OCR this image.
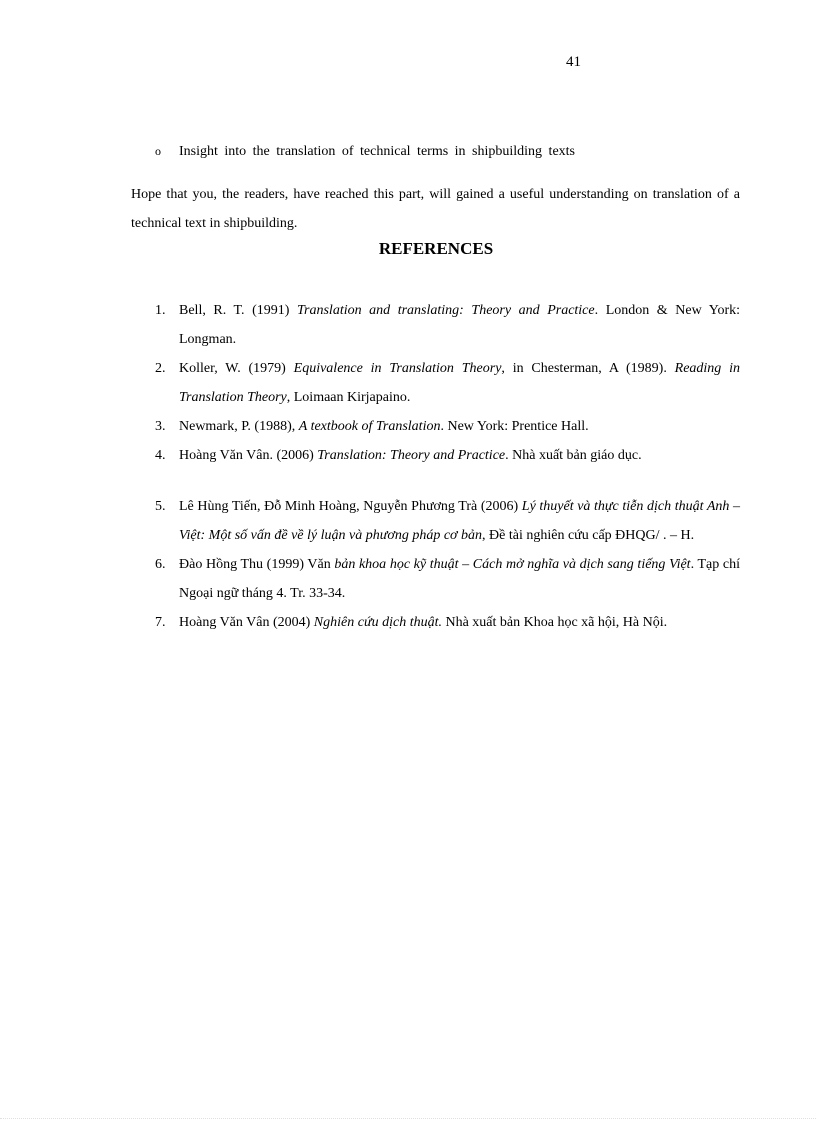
41
o Insight into the translation of technical terms in shipbuilding texts
Hope that you, the readers, have reached this part, will gained a useful understanding on translation of a technical text in shipbuilding.
REFERENCES
1. Bell, R. T. (1991) Translation and translating: Theory and Practice. London & New York: Longman.
2. Koller, W. (1979) Equivalence in Translation Theory, in Chesterman, A (1989). Reading in Translation Theory, Loimaan Kirjapaino.
3. Newmark, P. (1988), A textbook of Translation. New York: Prentice Hall.
4. Hoàng Văn Vân. (2006) Translation: Theory and Practice. Nhà xuất bản giáo dục.
5. Lê Hùng Tiến, Đỗ Minh Hoàng, Nguyễn Phương Trà (2006) Lý thuyết và thực tiễn dịch thuật Anh – Việt: Một số vấn đề về lý luận và phương pháp cơ bản, Đề tài nghiên cứu cấp ĐHQG/ . – H.
6. Đào Hồng Thu (1999) Văn bản khoa học kỹ thuật – Cách mở nghĩa và dịch sang tiếng Việt. Tạp chí Ngoại ngữ tháng 4. Tr. 33-34.
7. Hoàng Văn Vân (2004) Nghiên cứu dịch thuật. Nhà xuất bản Khoa học xã hội, Hà Nội.
